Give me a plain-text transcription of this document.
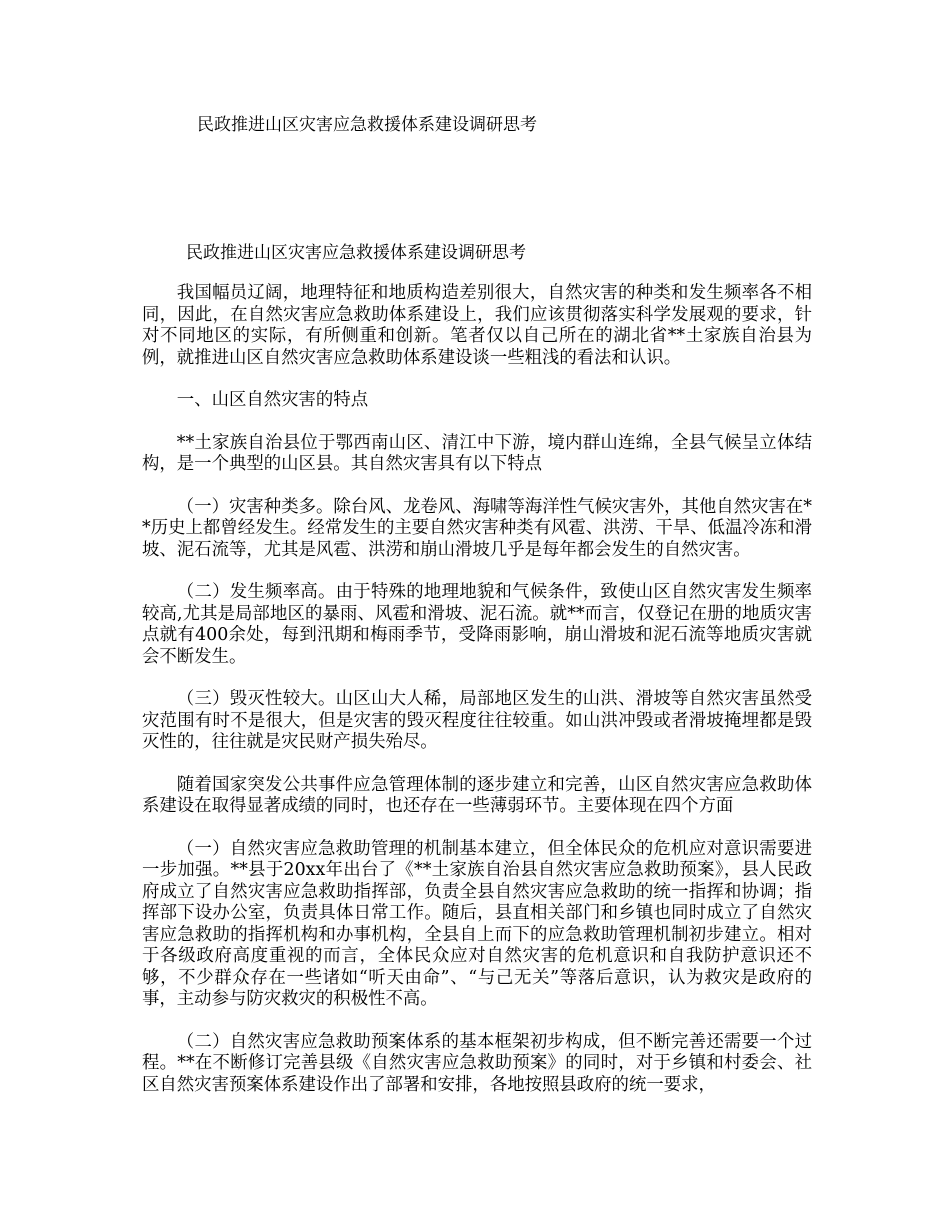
民政推进山区灾害应急救援体系建设调研思考
民政推进山区灾害应急救援体系建设调研思考

我国幅员辽阔，地理特征和地质构造差别很大，自然灾害的种类和发生频率各不相同，因此，在自然灾害应急救助体系建设上，我们应该贯彻落实科学发展观的要求，针对不同地区的实际，有所侧重和创新。笔者仅以自己所在的湖北省**土家族自治县为例，就推进山区自然灾害应急救助体系建设谈一些粗浅的看法和认识。

一、山区自然灾害的特点

**土家族自治县位于鄂西南山区、清江中下游，境内群山连绵，全县气候呈立体结构，是一个典型的山区县。其自然灾害具有以下特点

（一）灾害种类多。除台风、龙卷风、海啸等海洋性气候灾害外，其他自然灾害在**历史上都曾经发生。经常发生的主要自然灾害种类有风雹、洪涝、干旱、低温冷冻和滑坡、泥石流等，尤其是风雹、洪涝和崩山滑坡几乎是每年都会发生的自然灾害。

（二）发生频率高。由于特殊的地理地貌和气候条件，致使山区自然灾害发生频率较高,尤其是局部地区的暴雨、风雹和滑坡、泥石流。就**而言，仅登记在册的地质灾害点就有400余处，每到汛期和梅雨季节，受降雨影响，崩山滑坡和泥石流等地质灾害就会不断发生。

（三）毁灭性较大。山区山大人稀，局部地区发生的山洪、滑坡等自然灾害虽然受灾范围有时不是很大，但是灾害的毁灭程度往往较重。如山洪冲毁或者滑坡掩埋都是毁灭性的，往往就是灾民财产损失殆尽。

随着国家突发公共事件应急管理体制的逐步建立和完善，山区自然灾害应急救助体系建设在取得显著成绩的同时，也还存在一些薄弱环节。主要体现在四个方面

（一）自然灾害应急救助管理的机制基本建立，但全体民众的危机应对意识需要进一步加强。**县于20xx年出台了《**土家族自治县自然灾害应急救助预案》，县人民政府成立了自然灾害应急救助指挥部，负责全县自然灾害应急救助的统一指挥和协调；指挥部下设办公室，负责具体日常工作。随后，县直相关部门和乡镇也同时成立了自然灾害应急救助的指挥机构和办事机构，全县自上而下的应急救助管理机制初步建立。相对于各级政府高度重视的而言，全体民众应对自然灾害的危机意识和自我防护意识还不够，不少群众存在一些诸如“听天由命”、“与己无关”等落后意识，认为救灾是政府的事，主动参与防灾救灾的积极性不高。

（二）自然灾害应急救助预案体系的基本框架初步构成，但不断完善还需要一个过程。**在不断修订完善县级《自然灾害应急救助预案》的同时，对于乡镇和村委会、社区自然灾害预案体系建设作出了部署和安排，各地按照县政府的统一要求，
